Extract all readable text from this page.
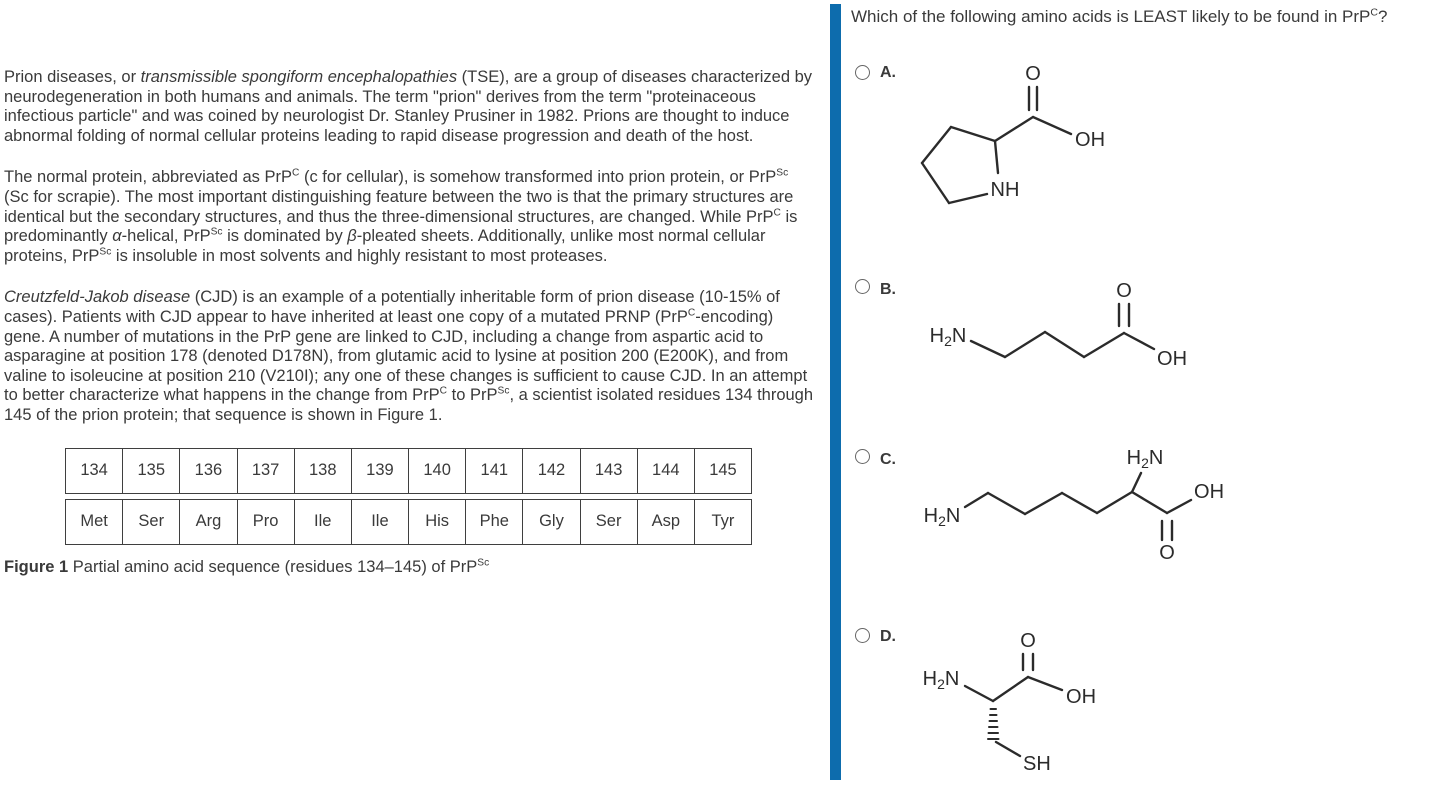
Prion diseases, or transmissible spongiform encephalopathies (TSE), are a group of diseases characterized by neurodegeneration in both humans and animals. The term "prion" derives from the term "proteinaceous infectious particle" and was coined by neurologist Dr. Stanley Prusiner in 1982. Prions are thought to induce abnormal folding of normal cellular proteins leading to rapid disease progression and death of the host.

The normal protein, abbreviated as PrP$^C$ (c for cellular), is somehow transformed into prion protein, or PrP$^{Sc}$ (Sc for scrapie). The most important distinguishing feature between the two is that the primary structures are identical but the secondary structures, and thus the three-dimensional structures, are changed. While PrP$^C$ is predominantly α-helical, PrP$^{Sc}$ is dominated by β-pleated sheets. Additionally, unlike most normal cellular proteins, PrP$^{Sc}$ is insoluble in most solvents and highly resistant to most proteases.

Creutzfeld-Jakob disease (CJD) is an example of a potentially inheritable form of prion disease (10-15% of cases). Patients with CJD appear to have inherited at least one copy of a mutated PRNP (PrP$^C$-encoding) gene. A number of mutations in the PrP gene are linked to CJD, including a change from aspartic acid to asparagine at position 178 (denoted D178N), from glutamic acid to lysine at position 200 (E200K), and from valine to isoleucine at position 210 (V210I); any one of these changes is sufficient to cause CJD. In an attempt to better characterize what happens in the change from PrP$^C$ to PrP$^{Sc}$, a scientist isolated residues 134 through 145 of the prion protein; that sequence is shown in Figure 1.

134	135	136	137	138	139	140	141	142	143	144	145
Met	Ser	Arg	Pro	Ile	Ile	His	Phe	Gly	Ser	Asp	Tyr

Figure 1 Partial amino acid sequence (residues 134–145) of PrP$^{Sc}$

Which of the following amino acids is LEAST likely to be found in PrP$^C$?
A.	O
OH
NH
B.
$H_2N$
O
OH
C.
$H_2N$
$H_2N$
O
OH
D.
$H_2N$
O
OH
SH
